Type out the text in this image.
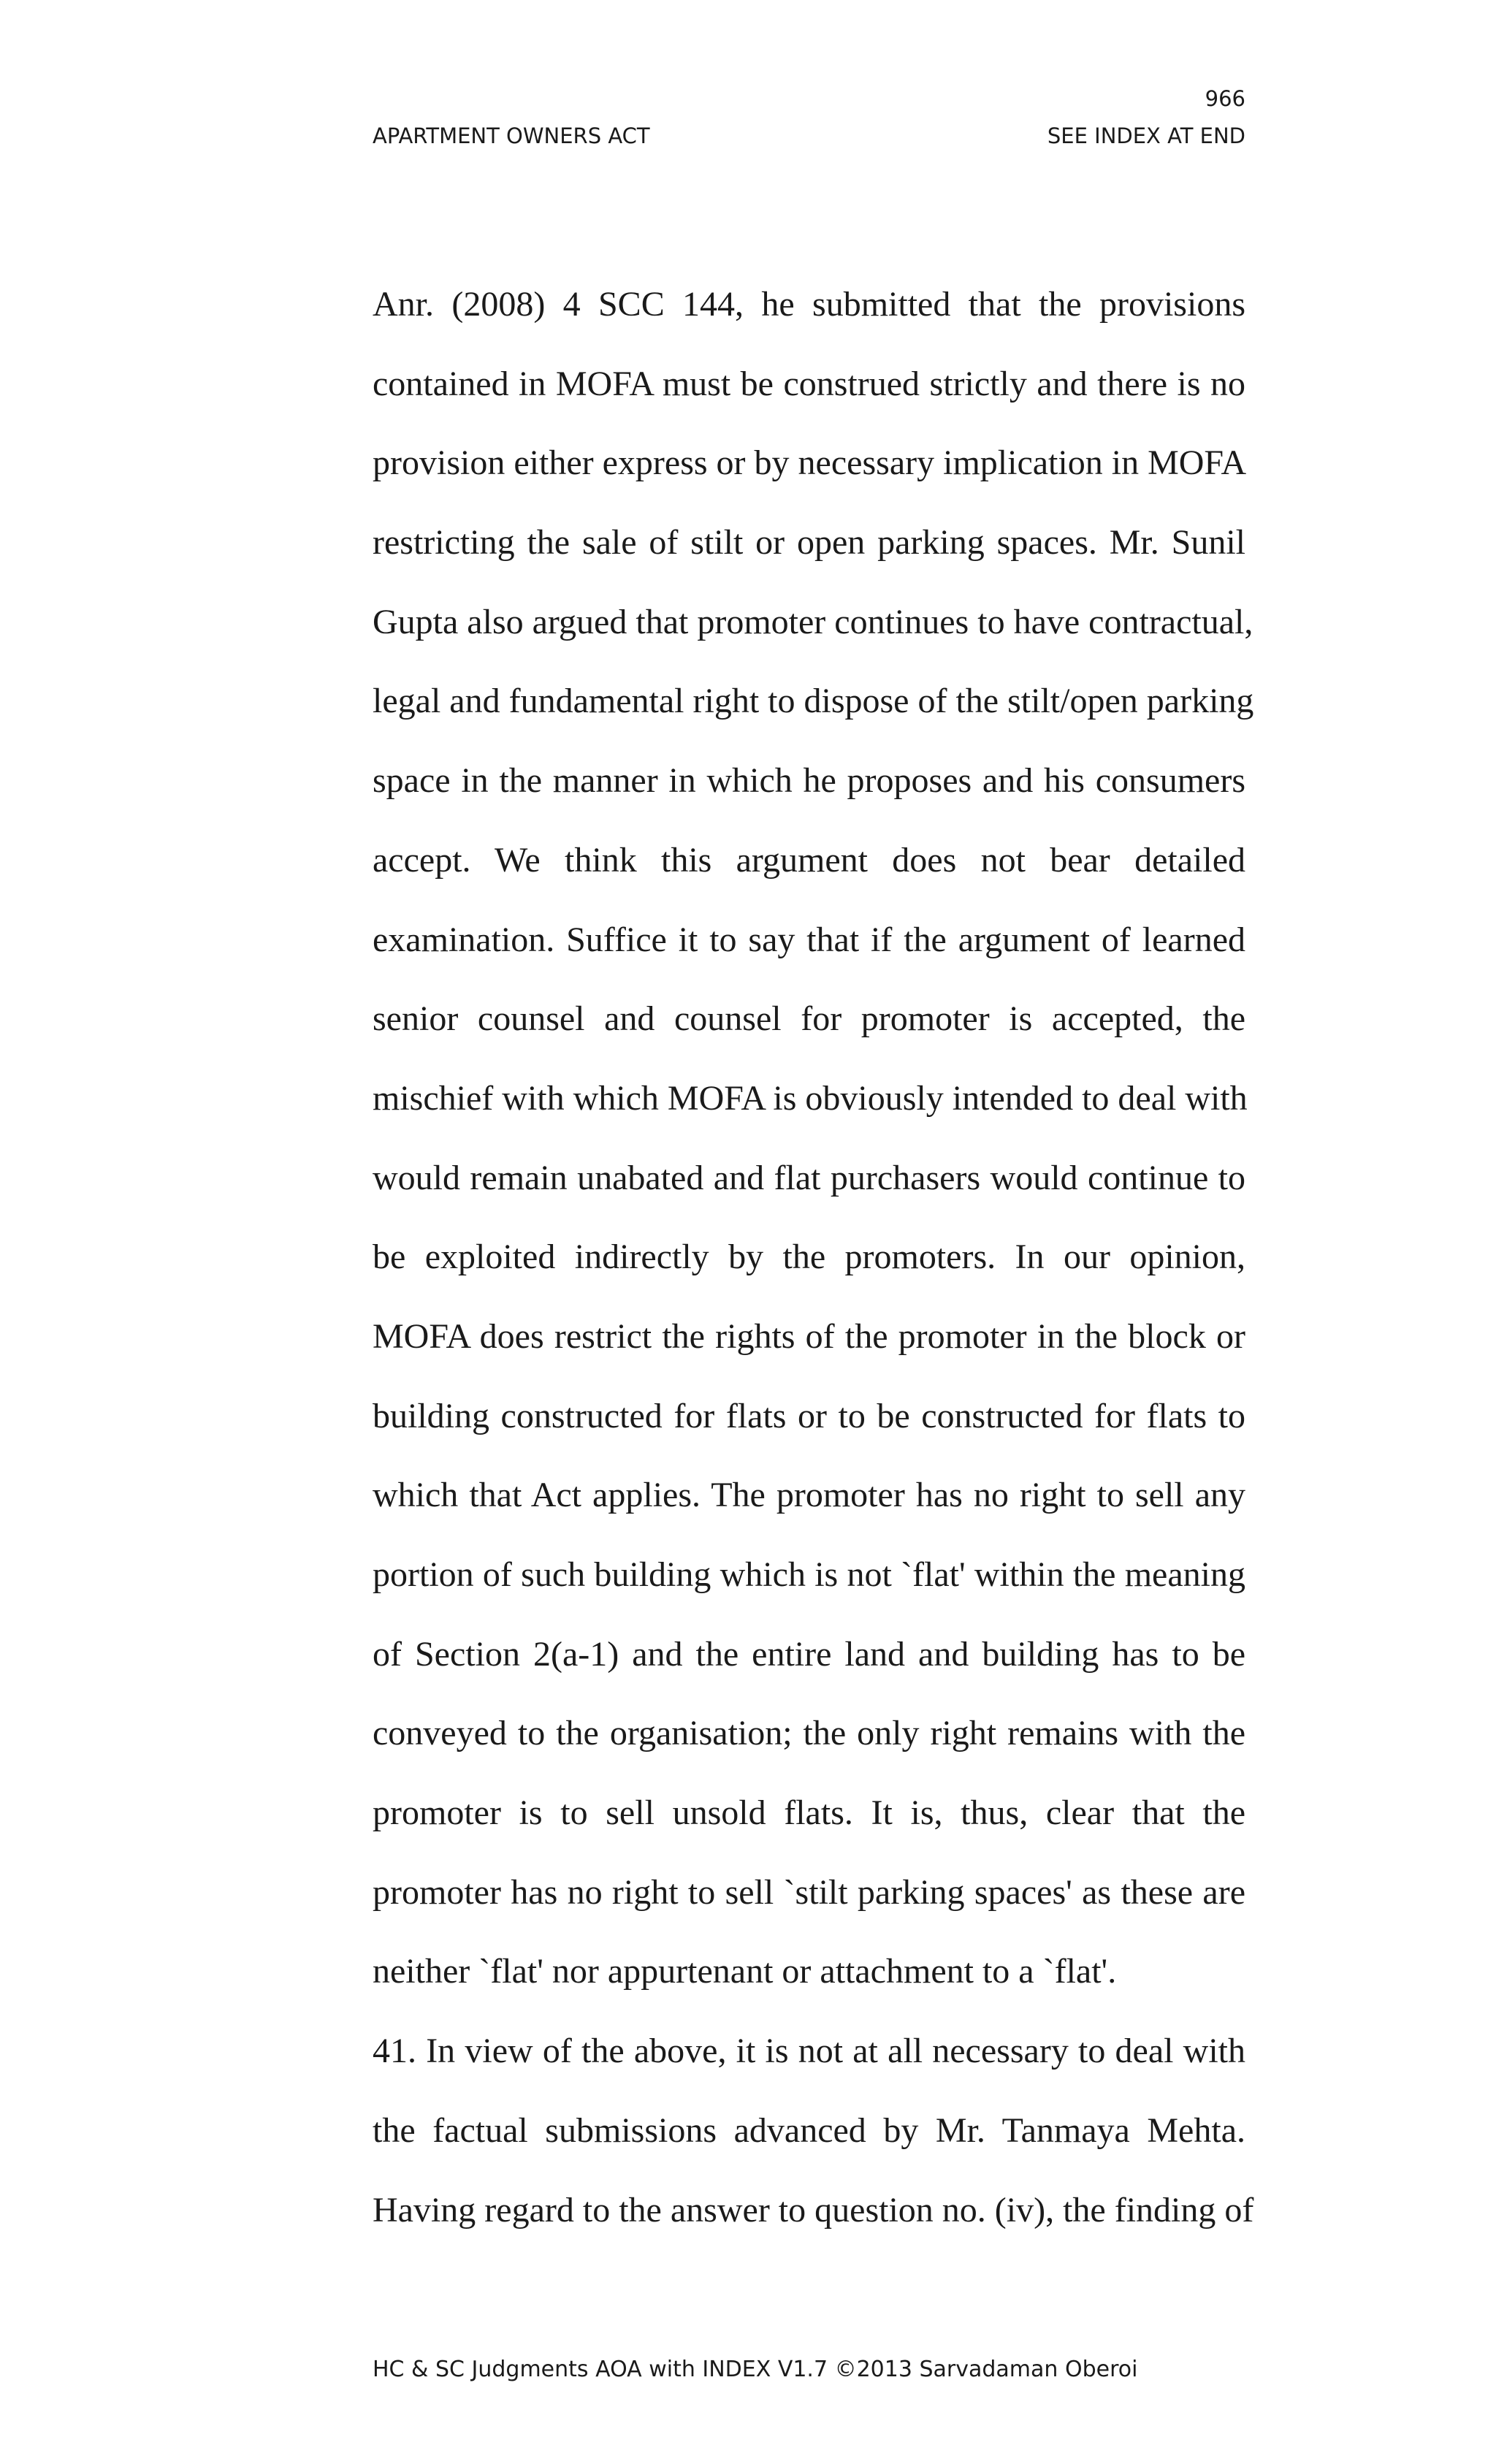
966
APARTMENT OWNERS ACT	SEE INDEX AT END
Anr. (2008) 4 SCC 144, he submitted that the provisions
contained in MOFA must be construed strictly and there is no
provision either express or by necessary implication in MOFA
restricting the sale of stilt or open parking spaces. Mr. Sunil
Gupta also argued that promoter continues to have contractual,
legal and fundamental right to dispose of the stilt/open parking
space in the manner in which he proposes and his consumers
accept. We think this argument does not bear detailed
examination. Suffice it to say that if the argument of learned
senior counsel and counsel for promoter is accepted, the
mischief with which MOFA is obviously intended to deal with
would remain unabated and flat purchasers would continue to
be exploited indirectly by the promoters. In our opinion,
MOFA does restrict the rights of the promoter in the block or
building constructed for flats or to be constructed for flats to
which that Act applies. The promoter has no right to sell any
portion of such building which is not `flat' within the meaning
of Section 2(a-1) and the entire land and building has to be
conveyed to the organisation; the only right remains with the
promoter is to sell unsold flats. It is, thus, clear that the
promoter has no right to sell `stilt parking spaces' as these are
neither `flat' nor appurtenant or attachment to a `flat'.
41. In view of the above, it is not at all necessary to deal with
the factual submissions advanced by Mr. Tanmaya Mehta.
Having regard to the answer to question no. (iv), the finding of
HC & SC Judgments AOA with INDEX V1.7 ©2013 Sarvadaman Oberoi
